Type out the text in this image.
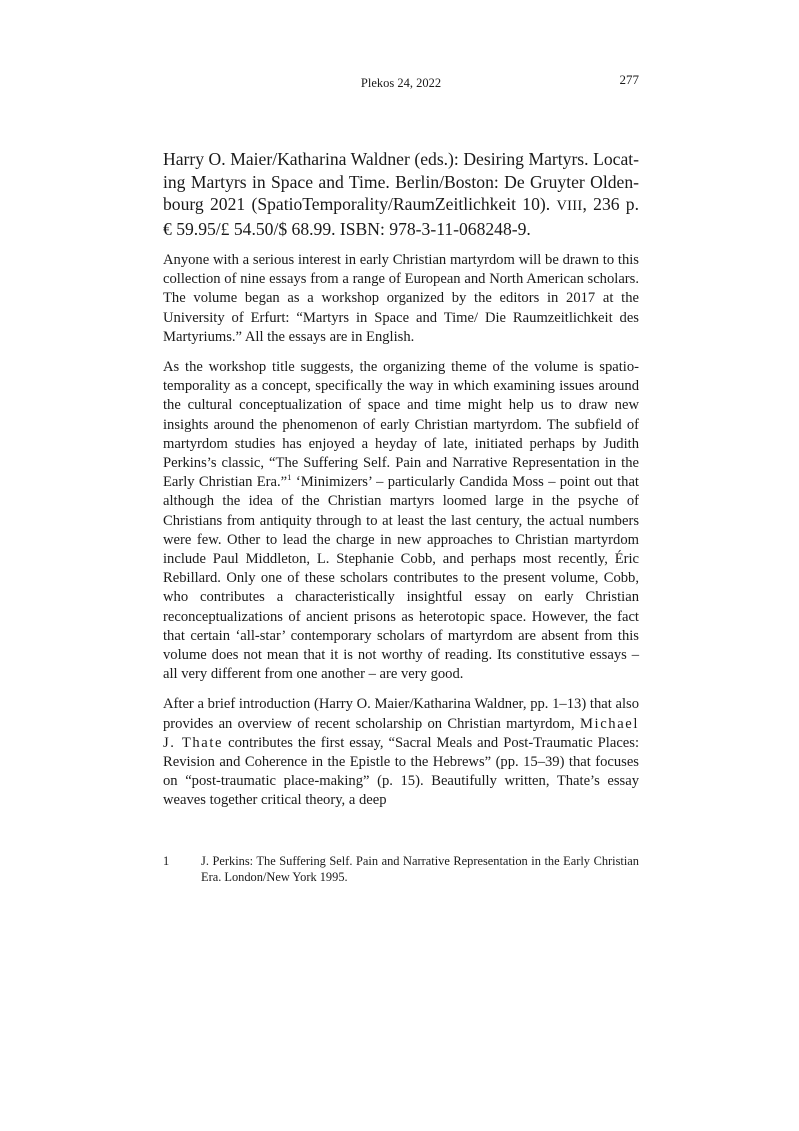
Plekos 24, 2022	277
Harry O. Maier/Katharina Waldner (eds.): Desiring Martyrs. Locating Martyrs in Space and Time. Berlin/Boston: De Gruyter Oldenbourg 2021 (SpatioTemporality/RaumZeitlichkeit 10). VIII, 236 p. € 59.95/£ 54.50/$ 68.99. ISBN: 978-3-11-068248-9.

Anyone with a serious interest in early Christian martyrdom will be drawn to this collection of nine essays from a range of European and North American scholars. The volume began as a workshop organized by the editors in 2017 at the University of Erfurt: “Martyrs in Space and Time/ Die Raumzeitlichkeit des Martyriums.” All the essays are in English.

As the workshop title suggests, the organizing theme of the volume is spatio-temporality as a concept, specifically the way in which examining issues around the cultural conceptualization of space and time might help us to draw new insights around the phenomenon of early Christian martyrdom. The subfield of martyrdom studies has enjoyed a heyday of late, initiated perhaps by Judith Perkins’s classic, “The Suffering Self. Pain and Narrative Representation in the Early Christian Era.”$^1$ ‘Minimizers’ – particularly Candida Moss – point out that although the idea of the Christian martyrs loomed large in the psyche of Christians from antiquity through to at least the last century, the actual numbers were few. Other to lead the charge in new approaches to Christian martyrdom include Paul Middleton, L. Stephanie Cobb, and perhaps most recently, Éric Rebillard. Only one of these scholars contributes to the present volume, Cobb, who contributes a characteristically insightful essay on early Christian reconceptualizations of ancient prisons as heterotopic space. However, the fact that certain ‘all-star’ contemporary scholars of martyrdom are absent from this volume does not mean that it is not worthy of reading. Its constitutive essays – all very different from one another – are very good.

After a brief introduction (Harry O. Maier/Katharina Waldner, pp. 1–13) that also provides an overview of recent scholarship on Christian martyrdom, Michael J. Thate contributes the first essay, “Sacral Meals and Post-Traumatic Places: Revision and Coherence in the Epistle to the Hebrews” (pp. 15–39) that focuses on “post-traumatic place-making” (p. 15). Beautifully written, Thate’s essay weaves together critical theory, a deep

1	J. Perkins: The Suffering Self. Pain and Narrative Representation in the Early Christian Era. London/New York 1995.
